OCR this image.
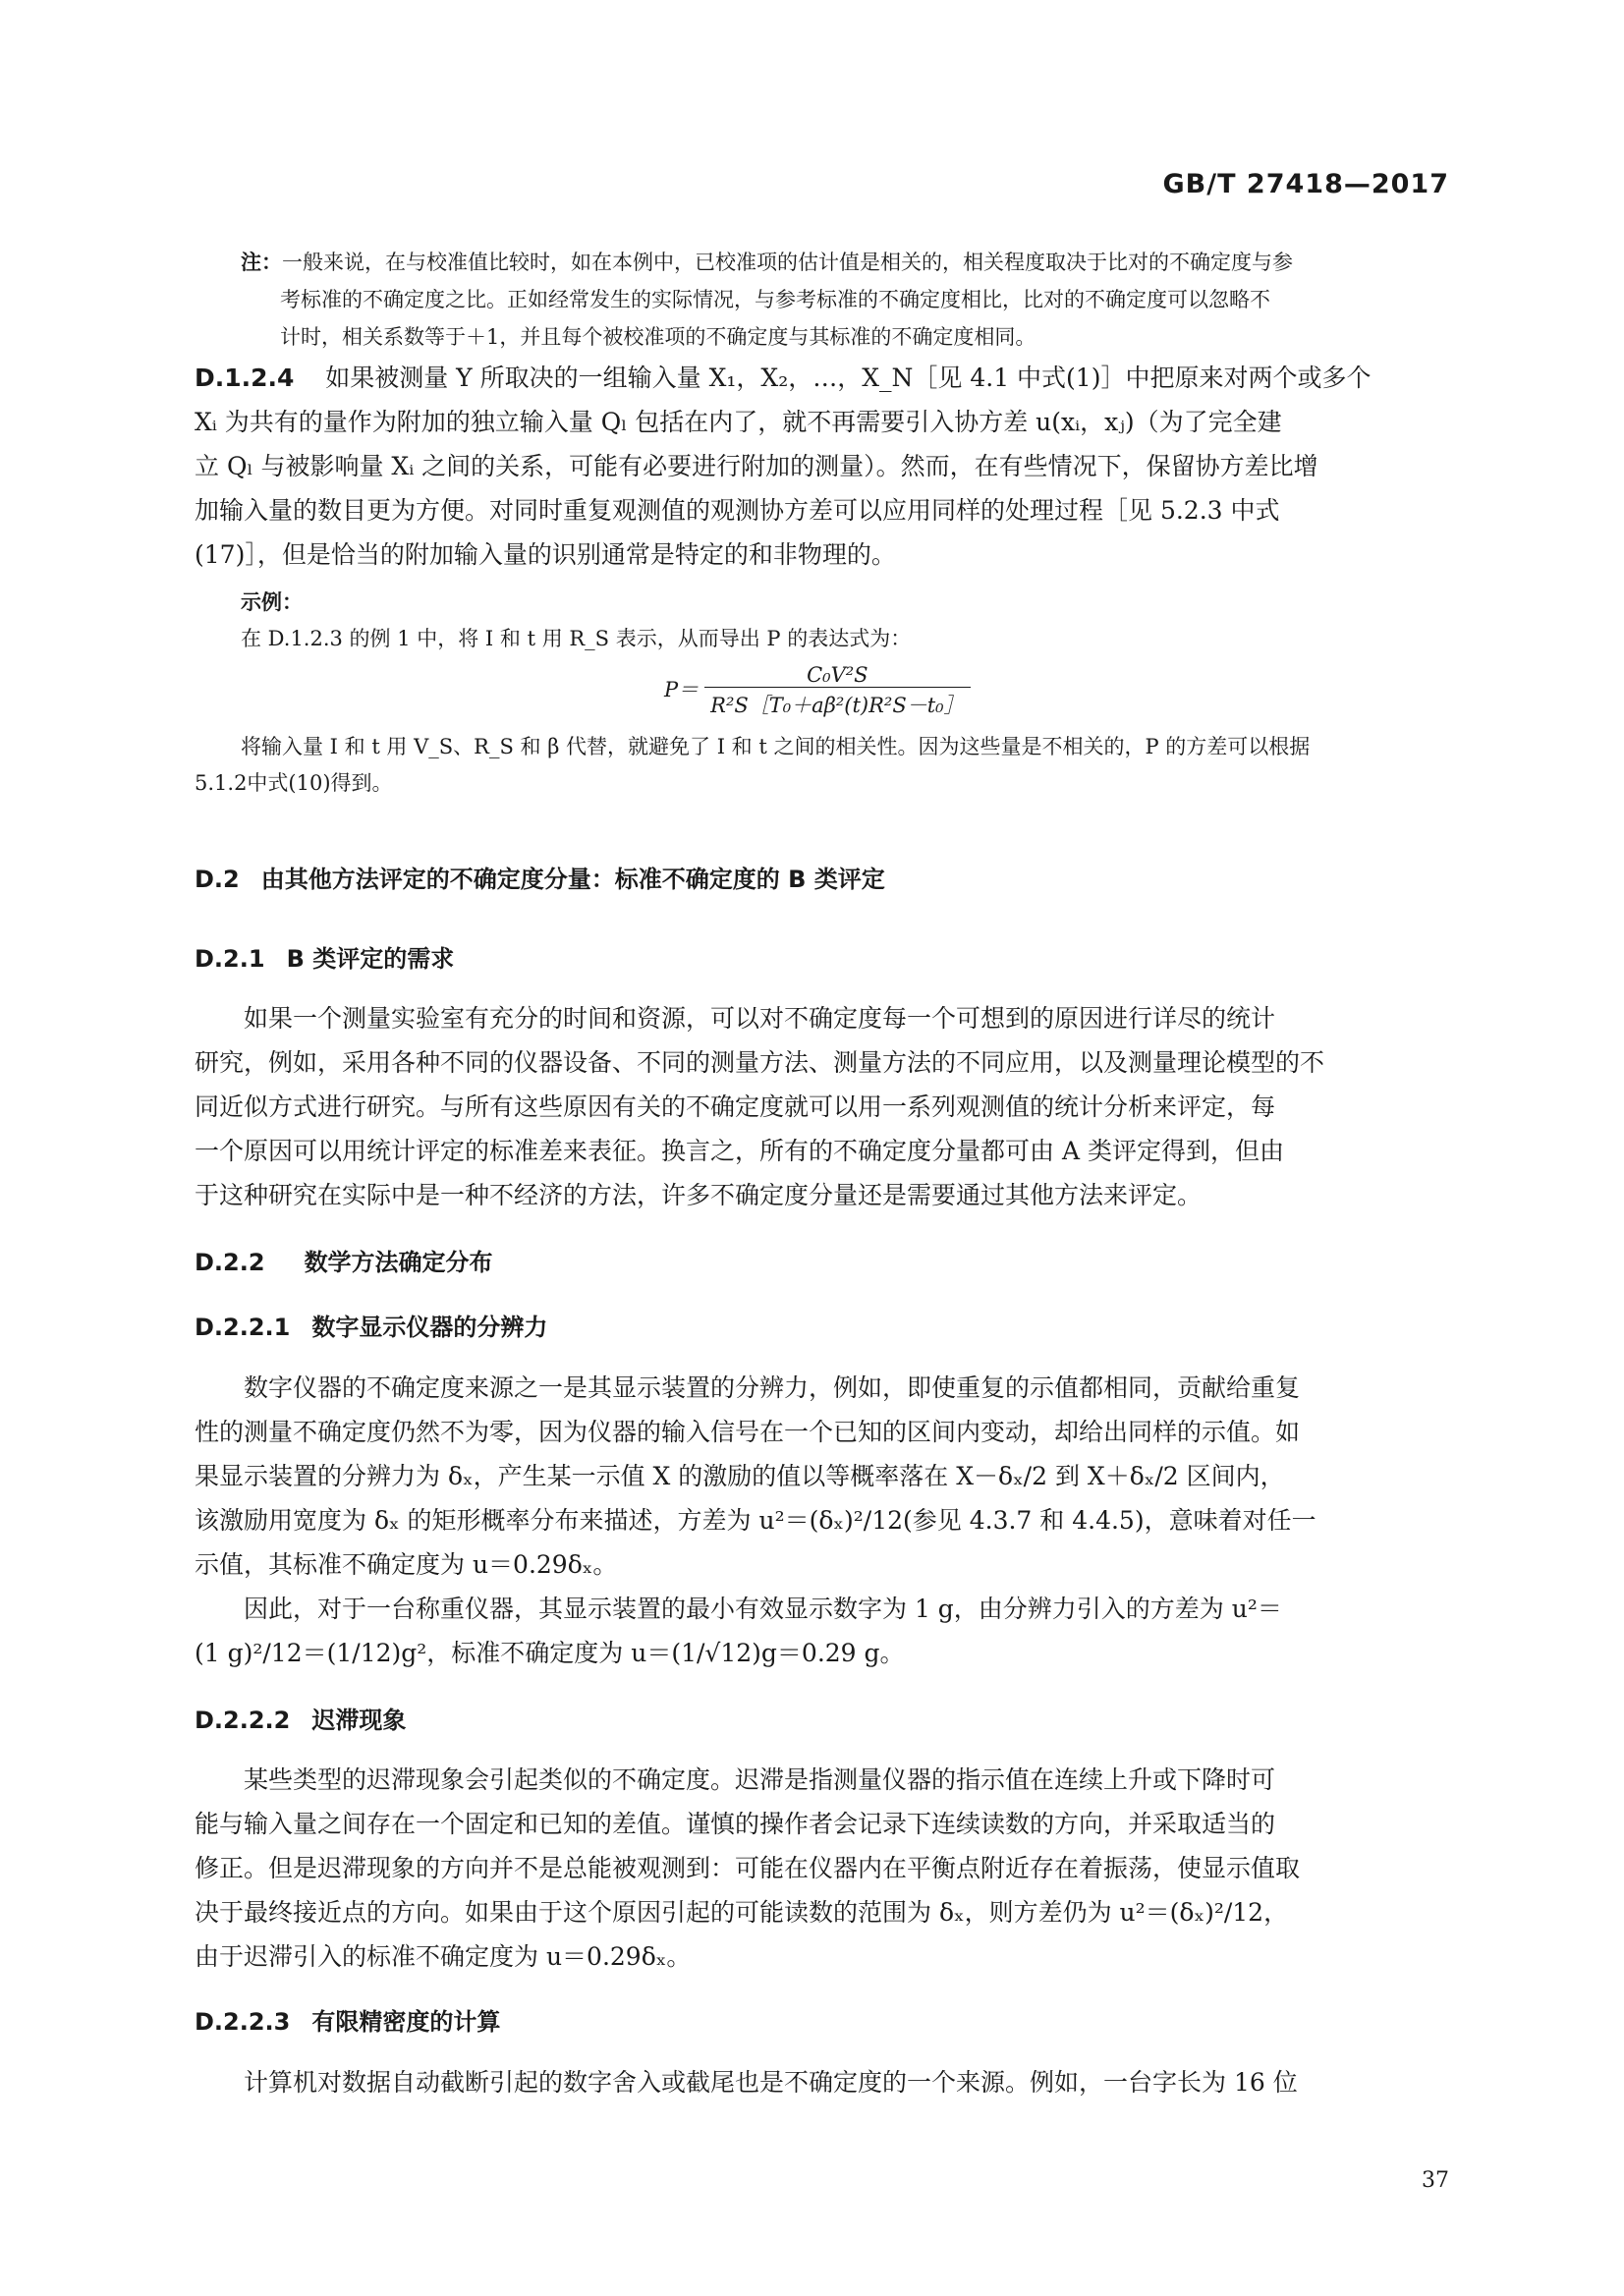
GB/T 27418—2017
注：一般来说，在与校准值比较时，如在本例中，已校准项的估计值是相关的，相关程度取决于比对的不确定度与参
考标准的不确定度之比。正如经常发生的实际情况，与参考标准的不确定度相比，比对的不确定度可以忽略不
计时，相关系数等于＋1，并且每个被校准项的不确定度与其标准的不确定度相同。
D.1.2.4 如果被测量 Y 所取决的一组输入量 X₁，X₂，…，X_N［见 4.1 中式(1)］中把原来对两个或多个
Xᵢ 为共有的量作为附加的独立输入量 Qₗ 包括在内了，就不再需要引入协方差 u(xᵢ，xⱼ)（为了完全建
立 Qₗ 与被影响量 Xᵢ 之间的关系，可能有必要进行附加的测量）。然而，在有些情况下，保留协方差比增
加输入量的数目更为方便。对同时重复观测值的观测协方差可以应用同样的处理过程［见 5.2.3 中式
(17)］，但是恰当的附加输入量的识别通常是特定的和非物理的。
示例：
在 D.1.2.3 的例 1 中，将 I 和 t 用 R_S 表示，从而导出 P 的表达式为：
$P= \frac{\text{C₀V²S}}{\text{R²S［T₀＋aβ²(t)R²S－t₀］}}$
将输入量 I 和 t 用 V_S、R_S 和 β 代替，就避免了 I 和 t 之间的相关性。因为这些量是不相关的，P 的方差可以根据
5.1.2中式(10)得到。
D.2 由其他方法评定的不确定度分量：标准不确定度的 B 类评定
D.2.1 B 类评定的需求
如果一个测量实验室有充分的时间和资源，可以对不确定度每一个可想到的原因进行详尽的统计
研究，例如，采用各种不同的仪器设备、不同的测量方法、测量方法的不同应用，以及测量理论模型的不
同近似方式进行研究。与所有这些原因有关的不确定度就可以用一系列观测值的统计分析来评定，每
一个原因可以用统计评定的标准差来表征。换言之，所有的不确定度分量都可由 A 类评定得到，但由
于这种研究在实际中是一种不经济的方法，许多不确定度分量还是需要通过其他方法来评定。
D.2.2 数学方法确定分布
D.2.2.1 数字显示仪器的分辨力
数字仪器的不确定度来源之一是其显示装置的分辨力，例如，即使重复的示值都相同，贡献给重复
性的测量不确定度仍然不为零，因为仪器的输入信号在一个已知的区间内变动，却给出同样的示值。如
果显示装置的分辨力为 δₓ，产生某一示值 X 的激励的值以等概率落在 X－δₓ/2 到 X＋δₓ/2 区间内，
该激励用宽度为 δₓ 的矩形概率分布来描述，方差为 u²＝(δₓ)²/12(参见 4.3.7 和 4.4.5)，意味着对任一
示值，其标准不确定度为 u＝0.29δₓ。
因此，对于一台称重仪器，其显示装置的最小有效显示数字为 1 g，由分辨力引入的方差为 u²＝
(1 g)²/12＝(1/12)g²，标准不确定度为 u＝(1/√12)g＝0.29 g。
D.2.2.2 迟滞现象
某些类型的迟滞现象会引起类似的不确定度。迟滞是指测量仪器的指示值在连续上升或下降时可
能与输入量之间存在一个固定和已知的差值。谨慎的操作者会记录下连续读数的方向，并采取适当的
修正。但是迟滞现象的方向并不是总能被观测到：可能在仪器内在平衡点附近存在着振荡，使显示值取
决于最终接近点的方向。如果由于这个原因引起的可能读数的范围为 δₓ，则方差仍为 u²＝(δₓ)²/12，
由于迟滞引入的标准不确定度为 u＝0.29δₓ。
D.2.2.3 有限精密度的计算
计算机对数据自动截断引起的数字舍入或截尾也是不确定度的一个来源。例如，一台字长为 16 位
37
